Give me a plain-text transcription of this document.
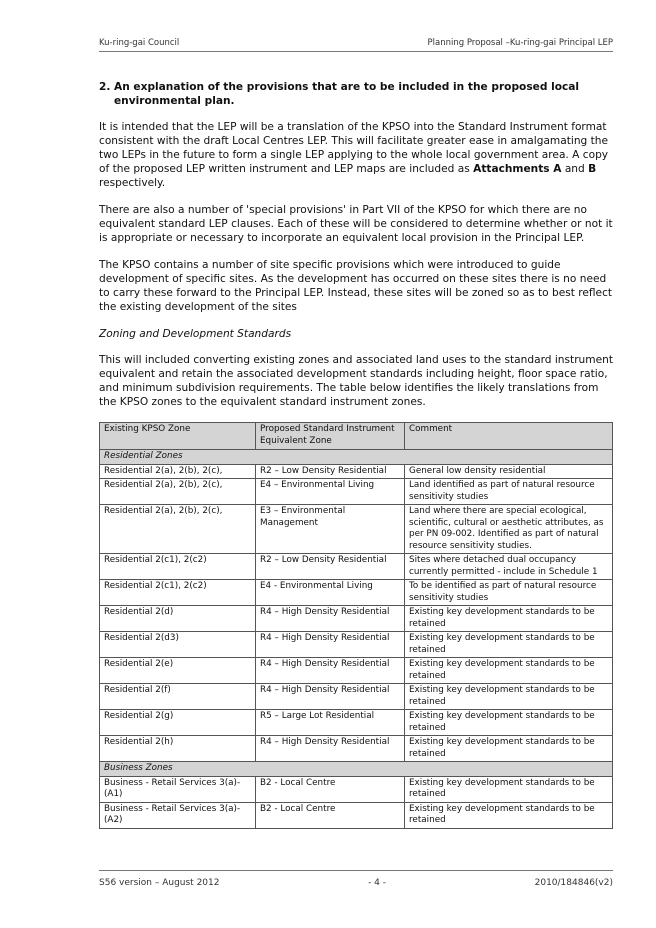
Ku-ring-gai Council	Planning Proposal –Ku-ring-gai Principal LEP
2. An explanation of the provisions that are to be included in the proposed local environmental plan.

It is intended that the LEP will be a translation of the KPSO into the Standard Instrument format consistent with the draft Local Centres LEP. This will facilitate greater ease in amalgamating the two LEPs in the future to form a single LEP applying to the whole local government area. A copy of the proposed LEP written instrument and LEP maps are included as Attachments A and B respectively.

There are also a number of 'special provisions' in Part VII of the KPSO for which there are no equivalent standard LEP clauses. Each of these will be considered to determine whether or not it is appropriate or necessary to incorporate an equivalent local provision in the Principal LEP.

The KPSO contains a number of site specific provisions which were introduced to guide development of specific sites. As the development has occurred on these sites there is no need to carry these forward to the Principal LEP. Instead, these sites will be zoned so as to best reflect the existing development of the sites

Zoning and Development Standards

This will included converting existing zones and associated land uses to the standard instrument equivalent and retain the associated development standards including height, floor space ratio, and minimum subdivision requirements. The table below identifies the likely translations from the KPSO zones to the equivalent standard instrument zones.

Existing KPSO Zone	Proposed Standard Instrument Equivalent Zone	Comment
Residential Zones		
Residential 2(a), 2(b), 2(c),	R2 – Low Density Residential	General low density residential
Residential 2(a), 2(b), 2(c),	E4 – Environmental Living	Land identified as part of natural resource sensitivity studies
Residential 2(a), 2(b), 2(c),	E3 – Environmental Management	Land where there are special ecological, scientific, cultural or aesthetic attributes, as per PN 09-002. Identified as part of natural resource sensitivity studies.
Residential 2(c1), 2(c2)	R2 – Low Density Residential	Sites where detached dual occupancy currently permitted - include in Schedule 1
Residential 2(c1), 2(c2)	E4 - Environmental Living	To be identified as part of natural resource sensitivity studies
Residential 2(d)	R4 – High Density Residential	Existing key development standards to be retained
Residential 2(d3)	R4 – High Density Residential	Existing key development standards to be retained
Residential 2(e)	R4 – High Density Residential	Existing key development standards to be retained
Residential 2(f)	R4 – High Density Residential	Existing key development standards to be retained
Residential 2(g)	R5 – Large Lot Residential	Existing key development standards to be retained
Residential 2(h)	R4 – High Density Residential	Existing key development standards to be retained
Business Zones		
Business - Retail Services 3(a)-(A1)	B2 - Local Centre	Existing key development standards to be retained
Business - Retail Services 3(a)-(A2)	B2 - Local Centre	Existing key development standards to be retained
S56 version – August 2012	- 4 -	2010/184846(v2)
